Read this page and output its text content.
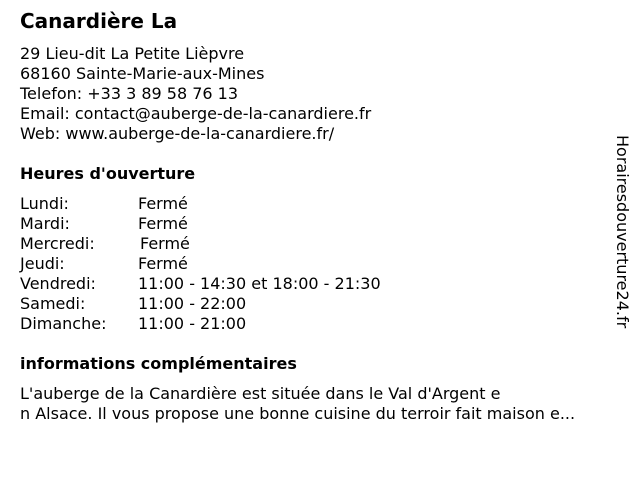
Canardière La
29 Lieu-dit La Petite Lièpvre
68160 Sainte-Marie-aux-Mines
Telefon: +33 3 89 58 76 13
Email: contact@auberge-de-la-canardiere.fr
Web: www.auberge-de-la-canardiere.fr/
Heures d'ouverture
Lundi:	Fermé
Mardi:	Fermé
Mercredi:	Fermé
Jeudi:	Fermé
Vendredi:	11:00 - 14:30 et 18:00 - 21:30
Samedi:	11:00 - 22:00
Dimanche: 11:00 - 21:00
informations complémentaires
L'auberge de la Canardière est située dans le Val d'Argent e
n Alsace. Il vous propose une bonne cuisine du terroir fait maison e...
Horairesdouverture24.fr
